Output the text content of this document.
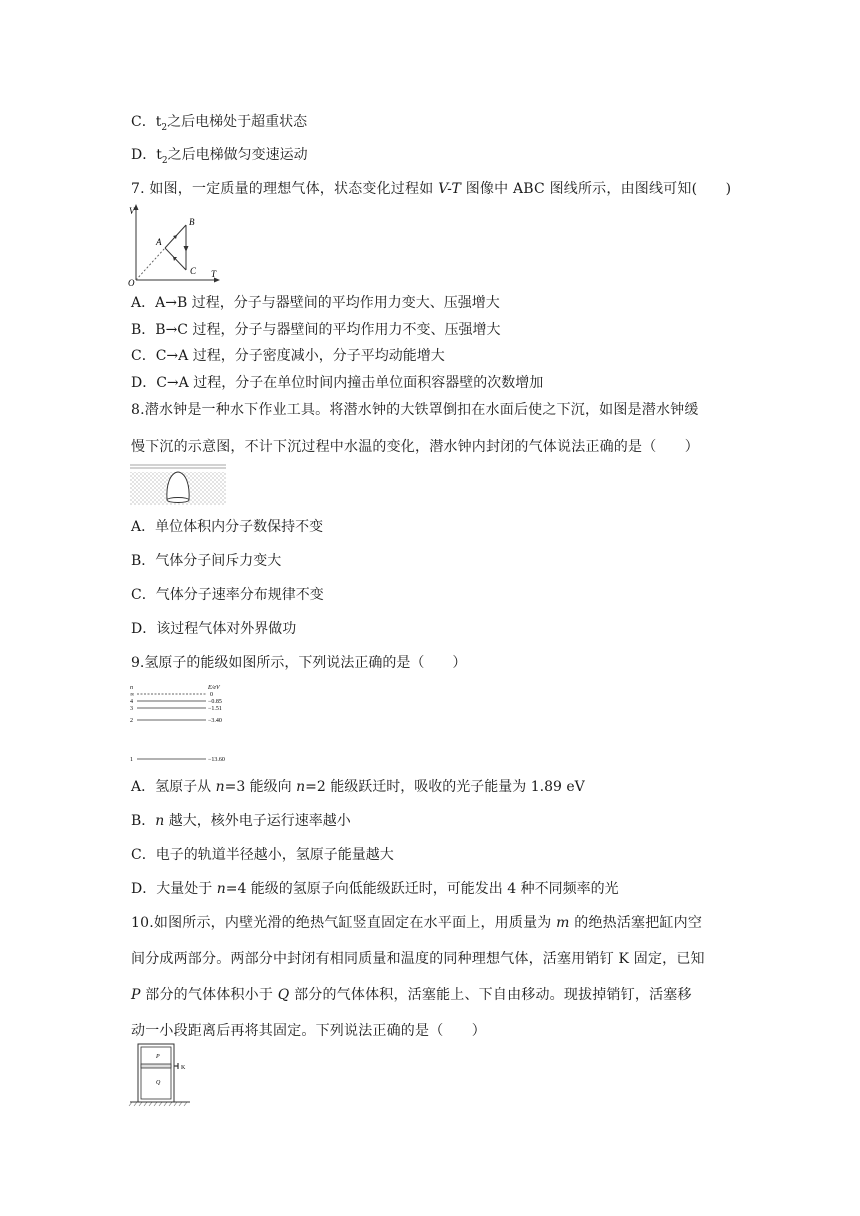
C．$t_2$之后电梯处于超重状态
D．$t_2$之后电梯做匀变速运动
7. 如图，一定质量的理想气体，状态变化过程如 V-T 图像中 ABC 图线所示，由图线可知(　　)
V
T
O
A
B
C
A．A→B 过程，分子与器壁间的平均作用力变大、压强增大
B．B→C 过程，分子与器壁间的平均作用力不变、压强增大
C．C→A 过程，分子密度减小，分子平均动能增大
D．C→A 过程，分子在单位时间内撞击单位面积容器壁的次数增加
8.潜水钟是一种水下作业工具。将潜水钟的大铁罩倒扣在水面后使之下沉，如图是潜水钟缓
慢下沉的示意图，不计下沉过程中水温的变化，潜水钟内封闭的气体说法正确的是（　　）
A．单位体积内分子数保持不变
B．气体分子间斥力变大
C．气体分子速率分布规律不变
D．该过程气体对外界做功
9.氢原子的能级如图所示，下列说法正确的是（　　）
n	E/eV
∞	0
4	−0.85
3	−1.51
2	−3.40
1	−13.60
A．氢原子从 n=3 能级向 n=2 能级跃迁时，吸收的光子能量为 1.89 eV
B．n 越大，核外电子运行速率越小
C．电子的轨道半径越小，氢原子能量越大
D．大量处于 n=4 能级的氢原子向低能级跃迁时，可能发出 4 种不同频率的光
10.如图所示，内壁光滑的绝热气缸竖直固定在水平面上，用质量为 m 的绝热活塞把缸内空
间分成两部分。两部分中封闭有相同质量和温度的同种理想气体，活塞用销钉 K 固定，已知
P 部分的气体体积小于 Q 部分的气体体积，活塞能上、下自由移动。现拔掉销钉，活塞移
动一小段距离后再将其固定。下列说法正确的是（　　）
P
Q
K
